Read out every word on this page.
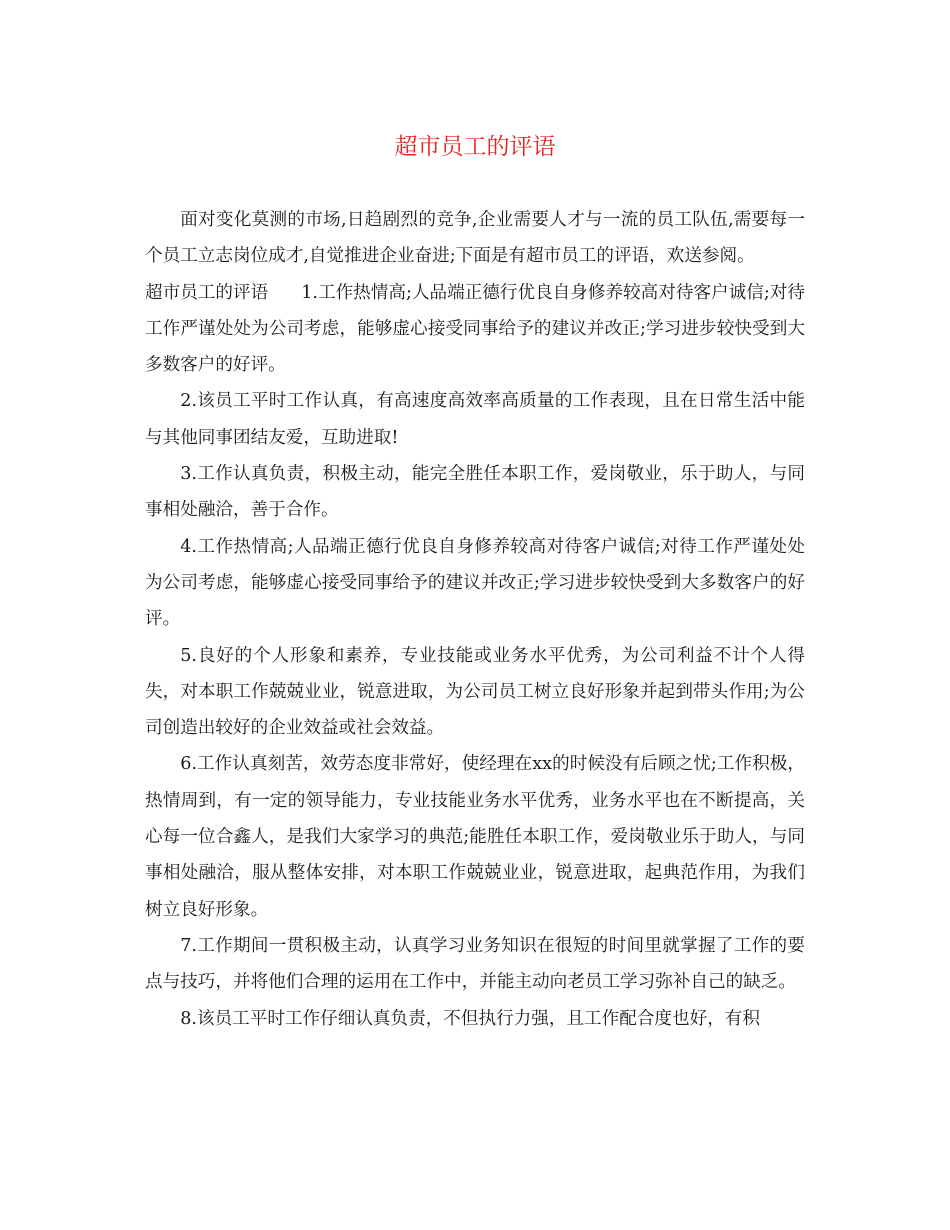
超市员工的评语

面对变化莫测的市场,日趋剧烈的竞争,企业需要人才与一流的员工队伍,需要每一个员工立志岗位成才,自觉推进企业奋进;下面是有超市员工的评语，欢送参阅。

超市员工的评语 1.工作热情高;人品端正德行优良自身修养较高对待客户诚信;对待工作严谨处处为公司考虑，能够虚心接受同事给予的建议并改正;学习进步较快受到大多数客户的好评。

2.该员工平时工作认真，有高速度高效率高质量的工作表现，且在日常生活中能与其他同事团结友爱，互助进取!

3.工作认真负责，积极主动，能完全胜任本职工作，爱岗敬业，乐于助人，与同事相处融洽，善于合作。

4.工作热情高;人品端正德行优良自身修养较高对待客户诚信;对待工作严谨处处为公司考虑，能够虚心接受同事给予的建议并改正;学习进步较快受到大多数客户的好评。

5.良好的个人形象和素养，专业技能或业务水平优秀，为公司利益不计个人得失，对本职工作兢兢业业，锐意进取，为公司员工树立良好形象并起到带头作用;为公司创造出较好的企业效益或社会效益。

6.工作认真刻苦，效劳态度非常好，使经理在xx的时候没有后顾之忧;工作积极，热情周到，有一定的领导能力，专业技能业务水平优秀，业务水平也在不断提高，关心每一位合鑫人，是我们大家学习的典范;能胜任本职工作，爱岗敬业乐于助人，与同事相处融洽，服从整体安排，对本职工作兢兢业业，锐意进取，起典范作用，为我们树立良好形象。

7.工作期间一贯积极主动，认真学习业务知识在很短的时间里就掌握了工作的要点与技巧，并将他们合理的运用在工作中，并能主动向老员工学习弥补自己的缺乏。

8.该员工平时工作仔细认真负责，不但执行力强，且工作配合度也好，有积
